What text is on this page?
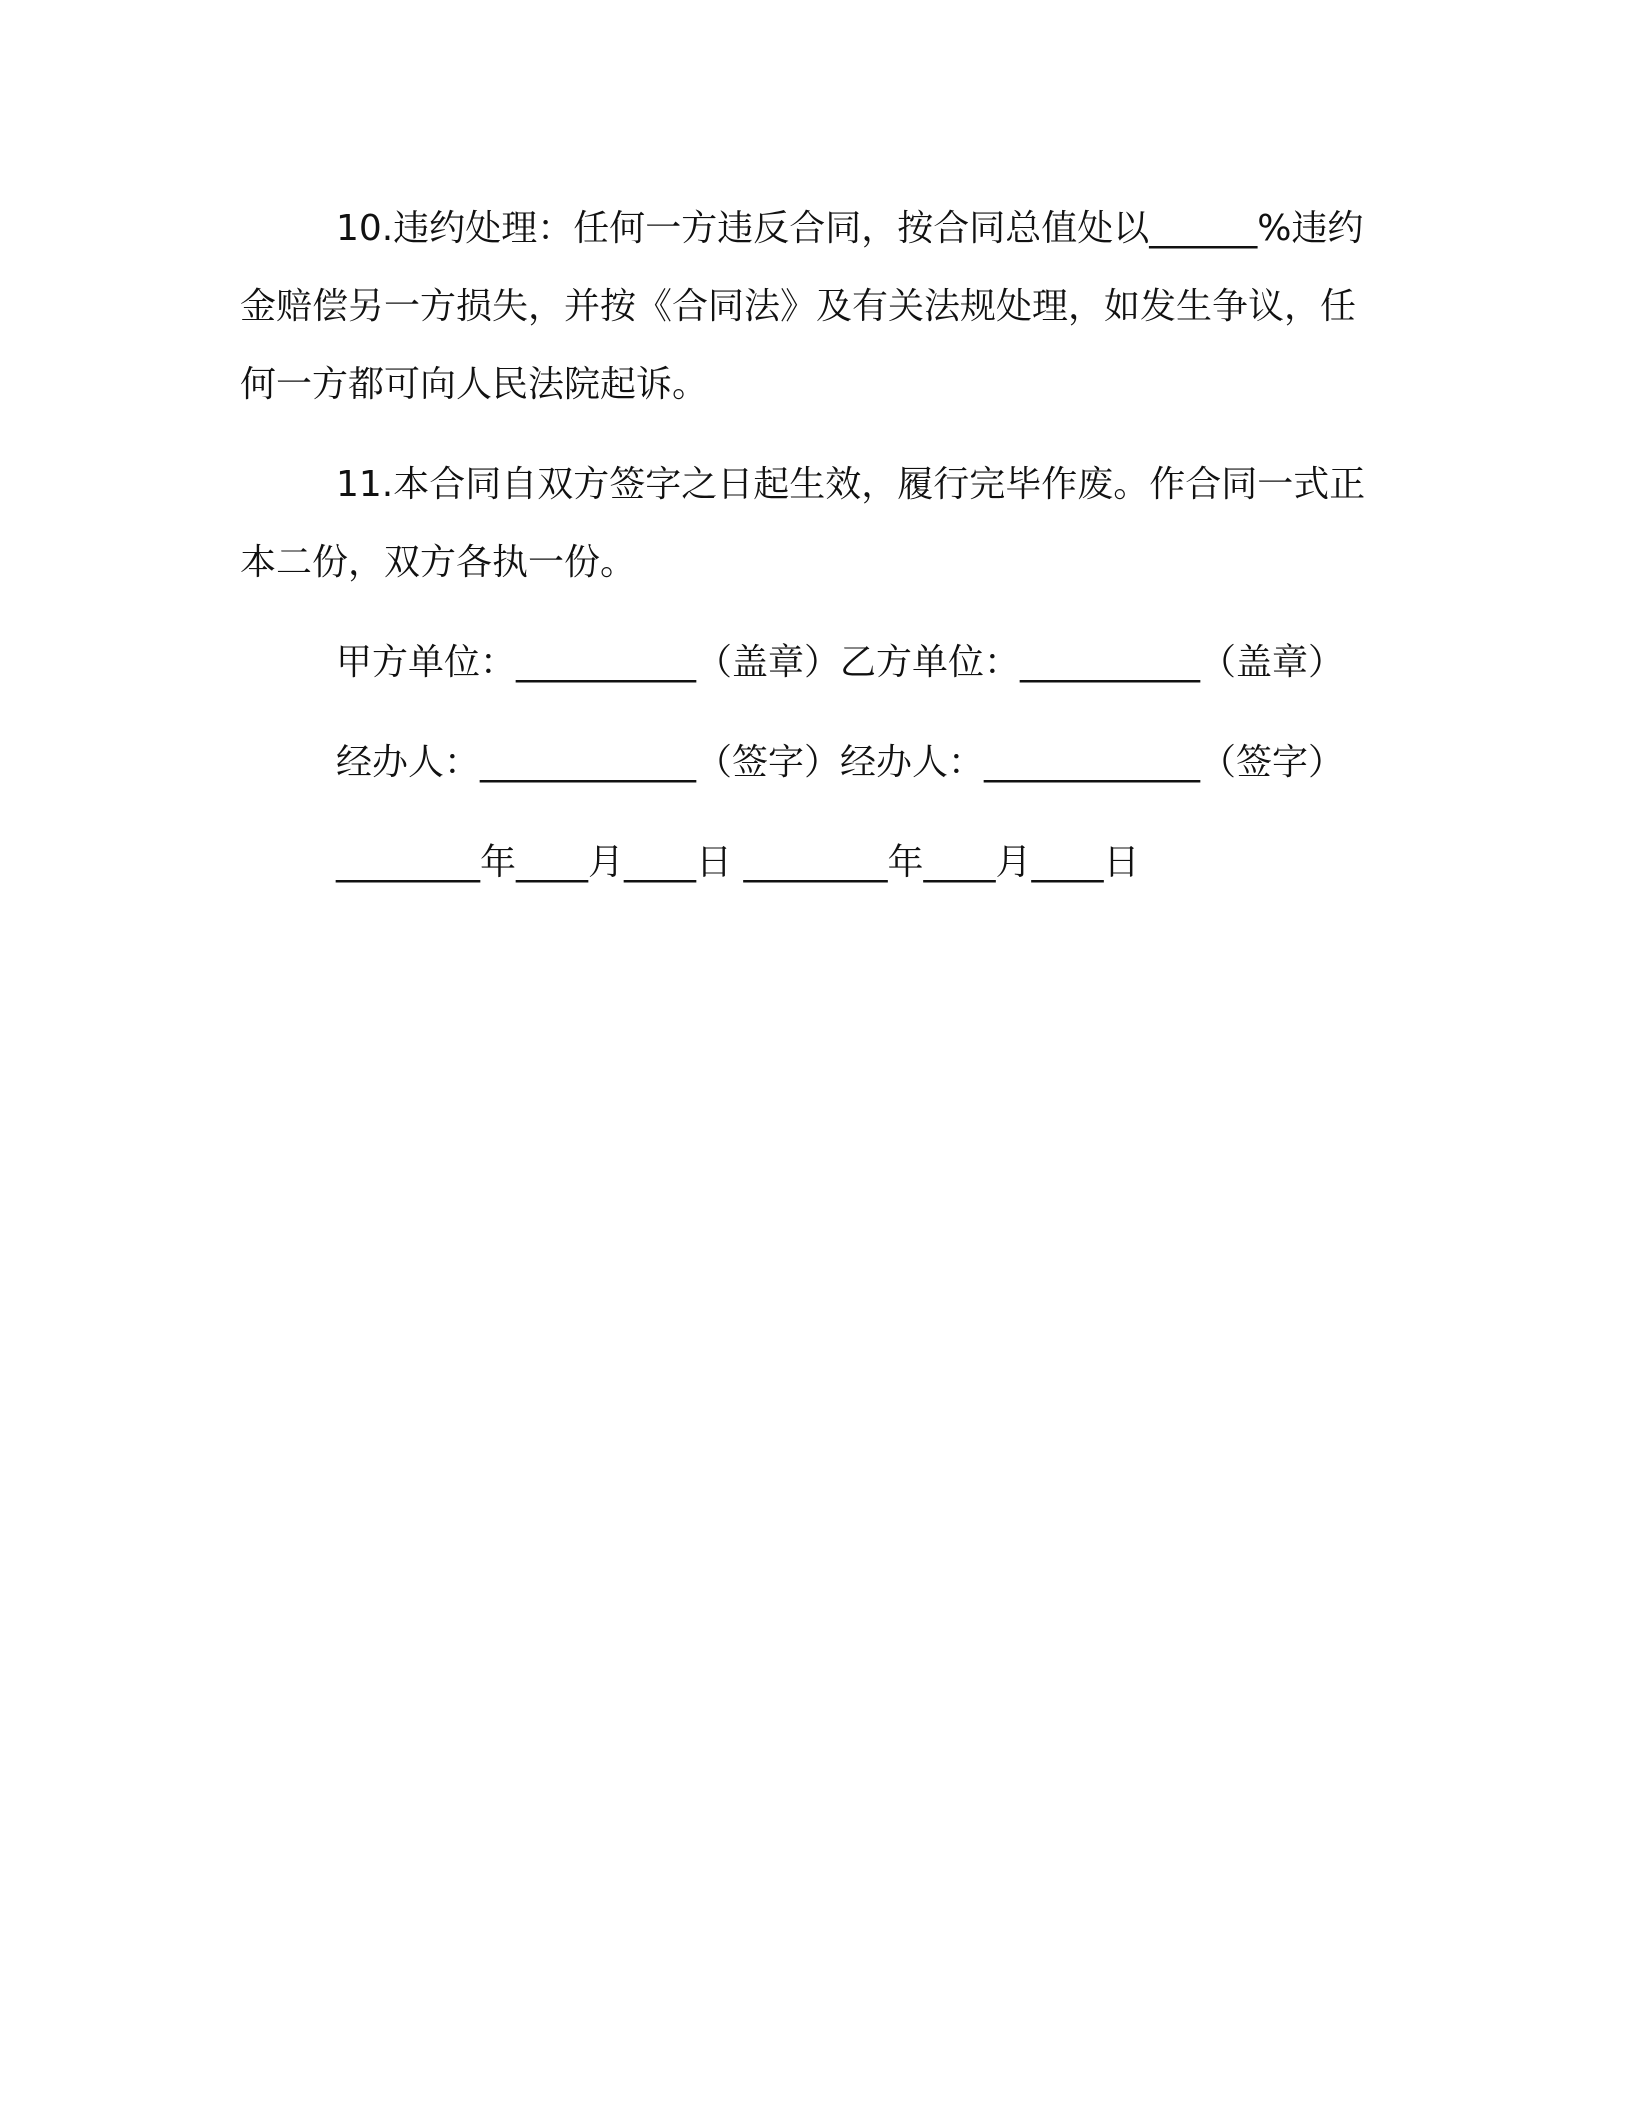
10.违约处理：任何一方违反合同，按合同总值处以______%违约金赔偿另一方损失，并按《合同法》及有关法规处理，如发生争议，任何一方都可向人民法院起诉。

11.本合同自双方签字之日起生效，履行完毕作废。作合同一式正本二份，双方各执一份。

甲方单位：__________（盖章）乙方单位：__________（盖章）

经办人：____________（签字）经办人：____________（签字）

________年____月____日 ________年____月____日
